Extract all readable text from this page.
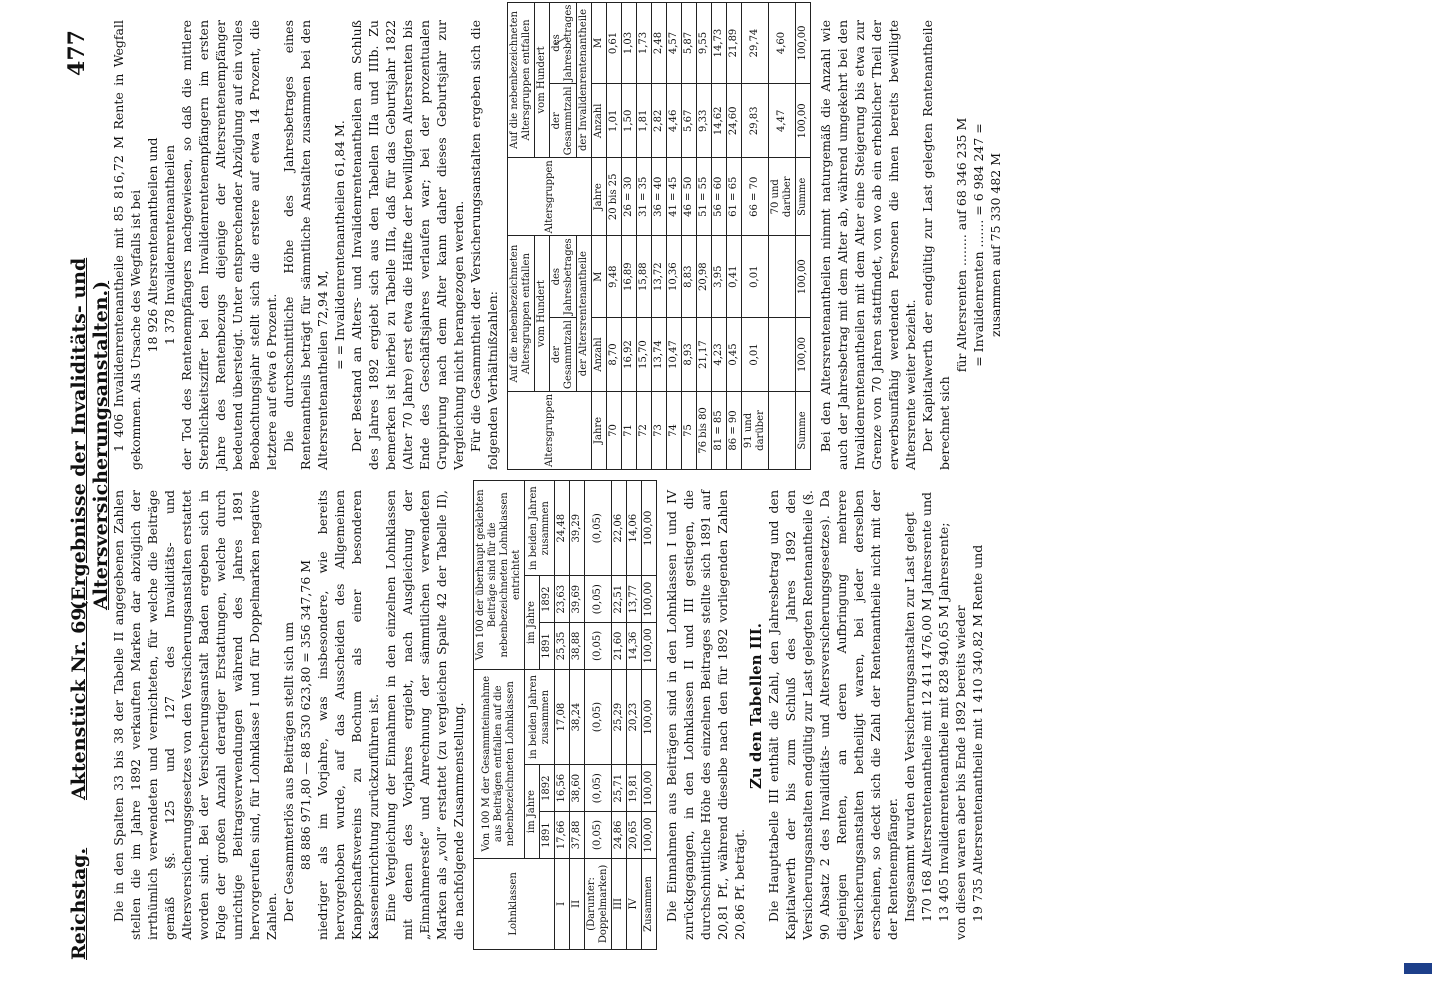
Reichstag.
Aktenstück Nr. 69.
(Ergebnisse der Invaliditäts- und Altersversicherungsanstalten.)
477

Die in den Spalten 33 bis 38 der Tabelle II angegebenen Zahlen stellen die im Jahre 1892 verkauften Marken dar abzüglich der irrthümlich verwendeten und vernichteten, für welche die Beiträge gemäß §§. 125 und 127 des Invaliditäts- und Altersversicherungsgesetzes von den Versicherungsanstalten erstattet worden sind. Bei der Versicherungsanstalt Baden ergeben sich in Folge der großen Anzahl derartiger Erstattungen, welche durch unrichtige Beitragsverwendungen während des Jahres 1891 hervorgerufen sind, für Lohnklasse I und für Doppelmarken negative Zahlen. Der Gesammterlös aus Beiträgen stellt sich um 88 886 971,80 — 88 530 623,80 = 356 347,76 M niedriger als im Vorjahre, was insbesondere, wie bereits hervorgehoben wurde, auf das Ausscheiden des Allgemeinen Knappschaftsvereins zu Bochum als einer besonderen Kasseneinrichtung zurückzuführen ist. Eine Vergleichung der Einnahmen in den einzelnen Lohnklassen mit denen des Vorjahres ergiebt, nach Ausgleichung der „Einnahmereste“ und Anrechnung der sämmtlichen verwendeten Marken als „voll“ erstattet (zu vergleichen Spalte 42 der Tabelle II), die nachfolgende Zusammenstellung.	Lohnklassen	Von 100 M der Gesammteinnahme aus Beiträgen entfallen auf die nebenbezeichneten Lohnklassen			Von 100 der überhaupt geklebten Beiträge sind für die nebenbezeichneten Lohnklassen entrichtet		
	im Jahre		in beiden Jahren zusammen	im Jahre		in beiden Jahren zusammen
	1891	1892		1891	1892	
I	17,66	16,56	17,08	25,35	23,63	24,48
II	37,88	38,60	38,24	38,88	39,69	39,29
(Darunter: Doppelmarken)	(0,05)	(0,05)	(0,05)	(0,05)	(0,05)	(0,05)
III	24,86	25,71	25,29	21,60	22,51	22,06
IV	20,65	19,81	20,23	14,36	13,77	14,06
Zusammen	100,00	100,00	100,00	100,00	100,00	100,00 Die Einnahmen aus Beiträgen sind in den Lohnklassen I und IV zurückgegangen, in den Lohnklassen II und III gestiegen, die durchschnittliche Höhe des einzelnen Beitrages stellte sich 1891 auf 20,81 Pf., während dieselbe nach den für 1892 vorliegenden Zahlen 20,86 Pf. beträgt.

Zu den Tabellen III. Die Haupttabelle III enthält die Zahl, den Jahresbetrag und den Kapitalwerth der bis zum Schluß des Jahres 1892 den Versicherungsanstalten endgültig zur Last gelegten Rentenantheile (§. 90 Absatz 2 des Invaliditäts- und Altersversicherungsgesetzes). Da diejenigen Renten, an deren Aufbringung mehrere Versicherungsanstalten betheiligt waren, bei jeder derselben erscheinen, so deckt sich die Zahl der Rentenantheile nicht mit der der Rentenempfänger. Insgesammt wurden den Versicherungsanstalten zur Last gelegt 170 168 Altersrentenantheile mit 12 411 476,00 M Jahresrente und 13 405 Invalidenrentenantheile mit 828 940,65 M Jahresrente; von diesen waren aber bis Ende 1892 bereits wieder 19 735 Altersrentenantheile mit 1 410 340,82 M Rente und

1 406 Invalidenrentenantheile mit 85 816,72 M Rente in Wegfall gekommen. Als Ursache des Wegfalls ist bei 18 926 Altersrentenantheilen und 1 378 Invalidenrentenantheilen der Tod des Rentenempfängers nachgewiesen, so daß die mittlere Sterblichkeitsziffer bei den Invalidenrentenempfängern im ersten Jahre des Rentenbezugs diejenige der Altersrentenempfänger bedeutend übersteigt. Unter entsprechender Abzüglung auf ein volles Beobachtungsjahr stellt sich die erstere auf etwa 14 Prozent, die letztere auf etwa 6 Prozent. Die durchschnittliche Höhe des Jahresbetrages eines Rentenantheils beträgt für sämmtliche Anstalten zusammen bei den Altersrentenantheilen 72,94 M,

= = Invalidenrentenantheilen 61,84 M. Der Bestand an Alters- und Invalidenrentenantheilen am Schluß des Jahres 1892 ergiebt sich aus den Tabellen IIIa und IIIb. Zu bemerken ist hierbei zu Tabelle IIIa, daß für das Geburtsjahr 1822 (Alter 70 Jahre) erst etwa die Hälfte der bewilligten Altersrenten bis Ende des Geschäftsjahres verlaufen war; bei der prozentualen Gruppirung nach dem Alter kann daher dieses Geburtsjahr zur Vergleichung nicht herangezogen werden. Für die Gesammtheit der Versicherungsanstalten ergeben sich die folgenden Verhältnißzahlen:	Altersgruppen	Auf die nebenbezeichneten Altersgruppen entfallen		Altersgruppen	Auf die nebenbezeichneten Altersgruppen entfallen	
	vom Hundert			vom Hundert	
	der Gesammtzahl	des Jahresbetrages		der Gesammtzahl	des Jahresbetrages
	der Altersrentenantheile			der Invalidenrentenantheile	
Jahre	Anzahl	M	Jahre	Anzahl	M
70	8,70	9,48	20 bis 25	1,01	0,61
71	16,92	16,89	26 = 30	1,50	1,03
72	15,70	15,88	31 = 35	1,81	1,73
73	13,74	13,72	36 = 40	2,82	2,48
74	10,47	10,36	41 = 45	4,46	4,57
75	8,93	8,83	46 = 50	5,67	5,87
76 bis 80	21,17	20,98	51 = 55	9,33	9,55
81 = 85	4,23	3,95	56 = 60	14,62	14,73
86 = 90	0,45	0,41	61 = 65	24,60	21,89
91 und darüber	0,01	0,01	66 = 70	29,83	29,74
			70 und darüber	4,47	4,60
Summe	100,00	100,00	Summe	100,00	100,00 Bei den Altersrentenantheilen nimmt naturgemäß die Anzahl wie auch der Jahresbetrag mit dem Alter ab, während umgekehrt bei den Invalidenrentenantheilen mit dem Alter eine Steigerung bis etwa zur Grenze von 70 Jahren stattfindet, von wo ab ein erheblicher Theil der erwerbsunfähig werdenden Personen die ihnen bereits bewilligte Altersrente weiter bezieht. Der Kapitalwerth der endgültig zur Last gelegten Rentenantheile berechnet sich

für Altersrenten ........ auf 68 346 235 M = Invalidenrenten ....... = 6 984 247 = zusammen auf 75 330 482 M
